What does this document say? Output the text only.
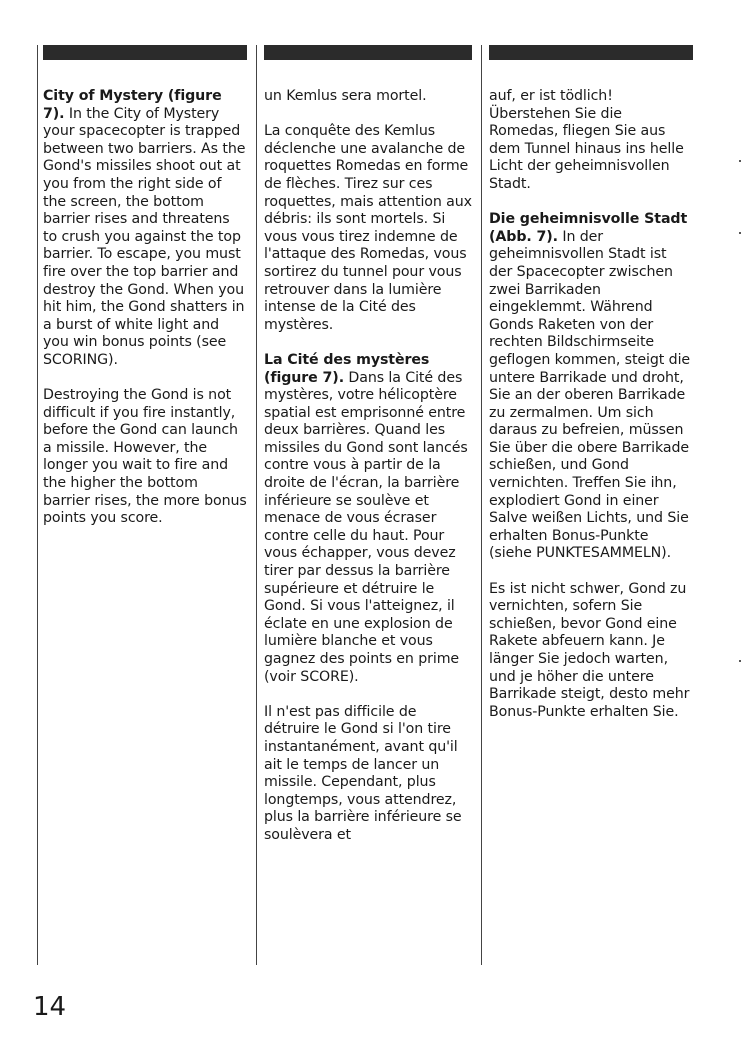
City of Mystery (figure 7). In the City of Mystery your spacecopter is trapped between two barriers. As the Gond's missiles shoot out at you from the right side of the screen, the bottom barrier rises and threatens to crush you against the top barrier. To escape, you must fire over the top barrier and destroy the Gond. When you hit him, the Gond shatters in a burst of white light and you win bonus points (see SCORING).

Destroying the Gond is not difficult if you fire instantly, before the Gond can launch a missile. However, the longer you wait to fire and the higher the bottom barrier rises, the more bonus points you score.

un Kemlus sera mortel.

La conquête des Kemlus déclenche une avalanche de roquettes Romedas en forme de flèches. Tirez sur ces roquettes, mais attention aux débris: ils sont mortels. Si vous vous tirez indemne de l'attaque des Romedas, vous sortirez du tunnel pour vous retrouver dans la lumière intense de la Cité des mystères.

La Cité des mystères (figure 7). Dans la Cité des mystères, votre hélicoptère spatial est emprisonné entre deux barrières. Quand les missiles du Gond sont lancés contre vous à partir de la droite de l'écran, la barrière inférieure se soulève et menace de vous écraser contre celle du haut. Pour vous échapper, vous devez tirer par dessus la barrière supérieure et détruire le Gond. Si vous l'atteignez, il éclate en une explosion de lumière blanche et vous gagnez des points en prime (voir SCORE).

Il n'est pas difficile de détruire le Gond si l'on tire instantanément, avant qu'il ait le temps de lancer un missile. Cependant, plus longtemps, vous attendrez, plus la barrière inférieure se soulèvera et

auf, er ist tödlich! Überstehen Sie die Romedas, fliegen Sie aus dem Tunnel hinaus ins helle Licht der geheimnisvollen Stadt.

Die geheimnisvolle Stadt (Abb. 7). In der geheimnisvollen Stadt ist der Spacecopter zwischen zwei Barrikaden eingeklemmt. Während Gonds Raketen von der rechten Bildschirmseite geflogen kommen, steigt die untere Barrikade und droht, Sie an der oberen Barrikade zu zermalmen. Um sich daraus zu befreien, müssen Sie über die obere Barrikade schießen, und Gond vernichten. Treffen Sie ihn, explodiert Gond in einer Salve weißen Lichts, und Sie erhalten Bonus-Punkte (siehe PUNKTESAMMELN).

Es ist nicht schwer, Gond zu vernichten, sofern Sie schießen, bevor Gond eine Rakete abfeuern kann. Je länger Sie jedoch warten, und je höher die untere Barrikade steigt, desto mehr Bonus-Punkte erhalten Sie.

14
